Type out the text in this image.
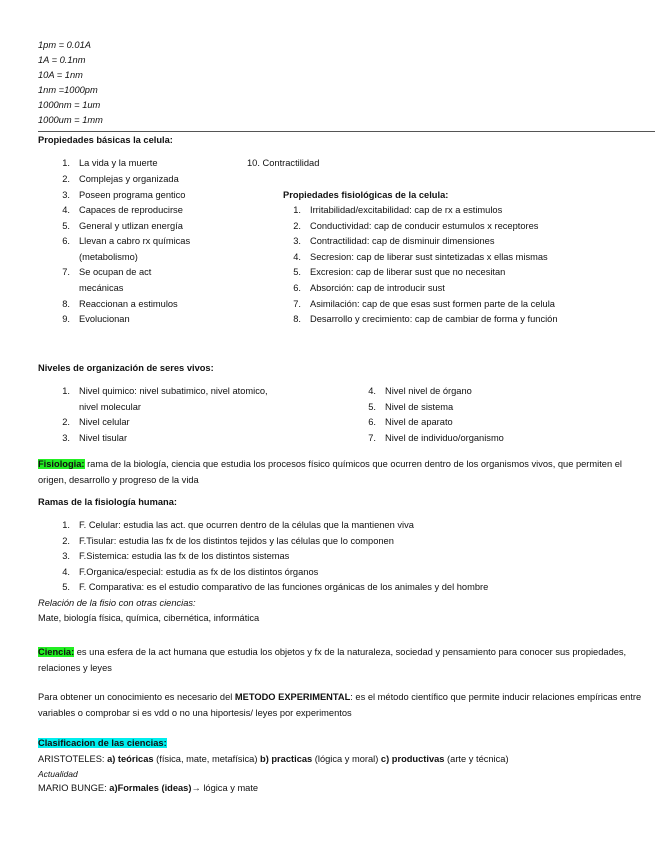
1pm = 0.01A
1A = 0.1nm
10A = 1nm
1nm =1000pm
1000nm = 1um
1000um = 1mm
Propiedades básicas la celula:
1. La vida y la muerte
2. Complejas y organizada
3. Poseen programa gentico
4. Capaces de reproducirse
5. General y utlizan energía
6. Llevan a cabro rx químicas
(metabolismo)
7. Se ocupan de act
mecánicas
8. Reaccionan a estimulos
9. Evolucionan
10. Contractilidad
Propiedades fisiológicas de la celula:
1. Irritabilidad/excitabilidad: cap de rx a estimulos
2. Conductividad: cap de conducir estumulos x receptores
3. Contractilidad: cap de disminuir dimensiones
4. Secresion: cap de liberar sust sintetizadas x ellas mismas
5. Excresion: cap de liberar sust que no necesitan
6. Absorción: cap de introducir sust
7. Asimilación: cap de que esas sust formen parte de la celula
8. Desarrollo y crecimiento: cap de cambiar de forma y función
Niveles de organización de seres vivos:
1. Nivel quimico: nivel subatimico, nivel atomico,
nivel molecular
2. Nivel celular
3. Nivel tisular
4. Nivel nivel de órgano
5. Nivel de sistema
6. Nivel de aparato
7. Nivel de individuo/organismo
Fisiologia: rama de la biología, ciencia que estudia los procesos físico químicos que ocurren dentro de los organismos vivos, que permiten el origen, desarrollo y progreso de la vida
Ramas de la fisiología humana:
1. F. Celular: estudia las act. que ocurren dentro de la células que la mantienen viva
2. F.Tisular: estudia las fx de los distintos tejidos y las células que lo componen
3. F.Sistemica: estudia las fx de los distintos sistemas
4. F.Organica/especial: estudia as fx de los distintos órganos
5. F. Comparativa: es el estudio comparativo de las funciones orgánicas de los animales y del hombre
Relación de la fisio con otras ciencias:
Mate, biología física, química, cibernética, informática
Ciencia: es una esfera de la act humana que estudia los objetos y fx de la naturaleza, sociedad y pensamiento para conocer sus propiedades, relaciones y leyes
Para obtener un conocimiento es necesario del METODO EXPERIMENTAL: es el método científico que permite inducir relaciones empíricas entre variables o comprobar si es vdd o no una hiportesis/ leyes por experimentos
Clasificacion de las ciencias:
ARISTOTELES: a) teóricas (física, mate, metafísica) b) practicas (lógica y moral) c) productivas (arte y técnica)
Actualidad
MARIO BUNGE: a)Formales (ideas)→ lógica y mate
